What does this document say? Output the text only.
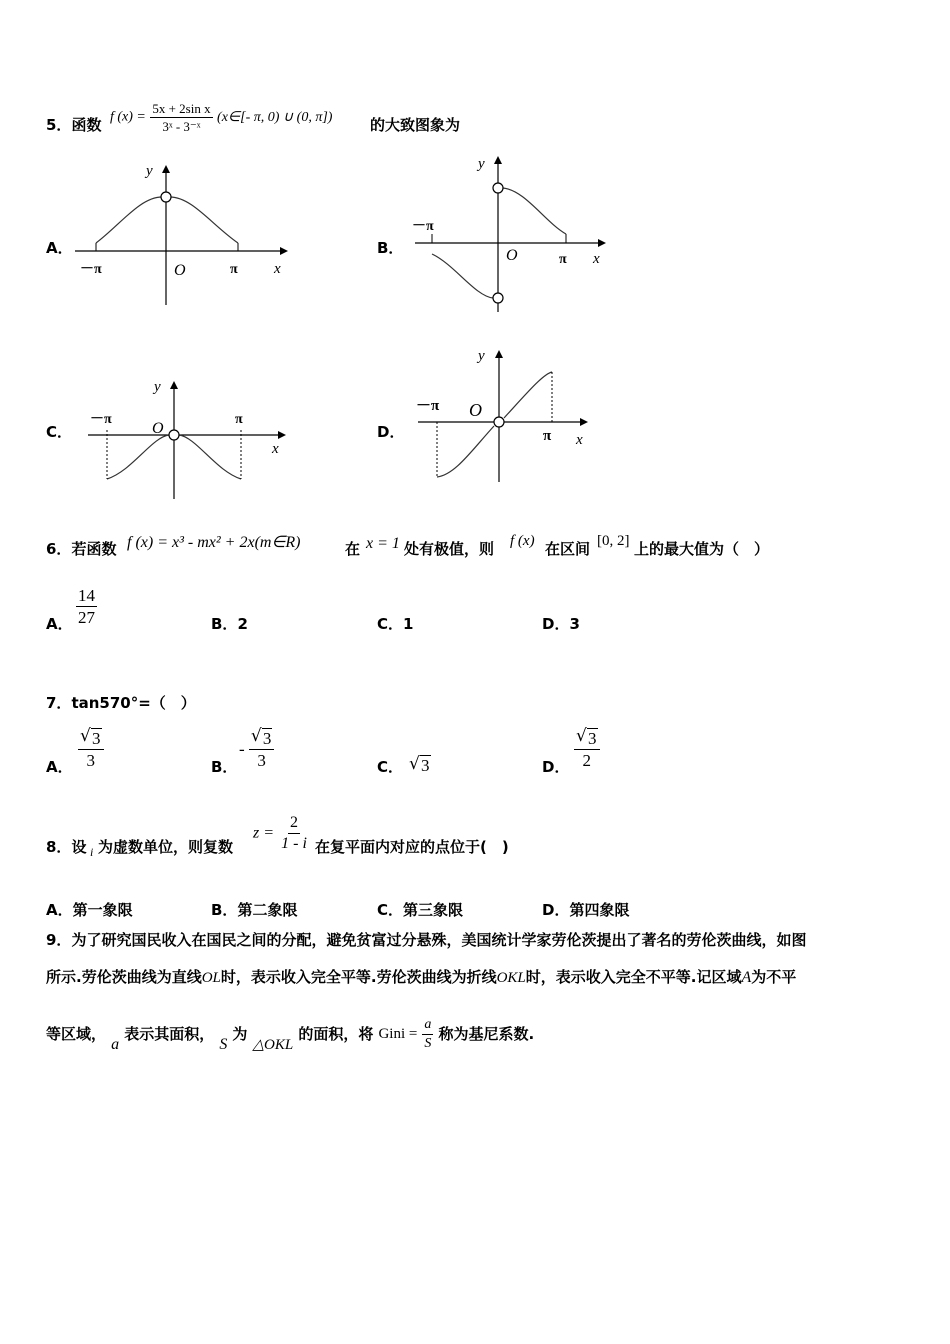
5．函数 f $(x) = \frac{\text{5x + 2sin x}}{\text{3ˣ - 3⁻ˣ}}$ (x∈[- π, 0) ∪ (0, π])	的大致图象为
A．
y
x
O
－π	π
B．
y
x
O
－π
π
C．
y
x
O
－π	π
D．
y
x
O
－π
π
6．若函数 f (x) = x³ - mx² + 2x(m∈R)	在 x = 1 处有极值，则 f (x) 在区间 [0, 2] 上的最大值为（　）
A． $\frac{14}{27}$	B．2	C．1	D．3
7．tan570°=（　）
A． $\frac{√ 3}{3}$	B．
- $\frac{√ 3}{3}$	C． √ 3	D． $\frac{√ 3}{2}$
8．设 i 为虚数单位，则复数
$z = \frac{2}{1 - i}$ 在复平面内对应的点位于(　)
A．第一象限	B．第二象限	C．第三象限	D．第四象限
9．为了研究国民收入在国民之间的分配，避免贫富过分悬殊，美国统计学家劳伦茨提出了著名的劳伦茨曲线，如图
所示.劳伦茨曲线为直线OL时，表示收入完全平等.劳伦茨曲线为折线OKL时，表示收入完全不平等.记区域A为不平
等区域， a 表示其面积， S 为 △OKL 的面积，将 Gini = $\frac{a}{S}$ 称为基尼系数.
